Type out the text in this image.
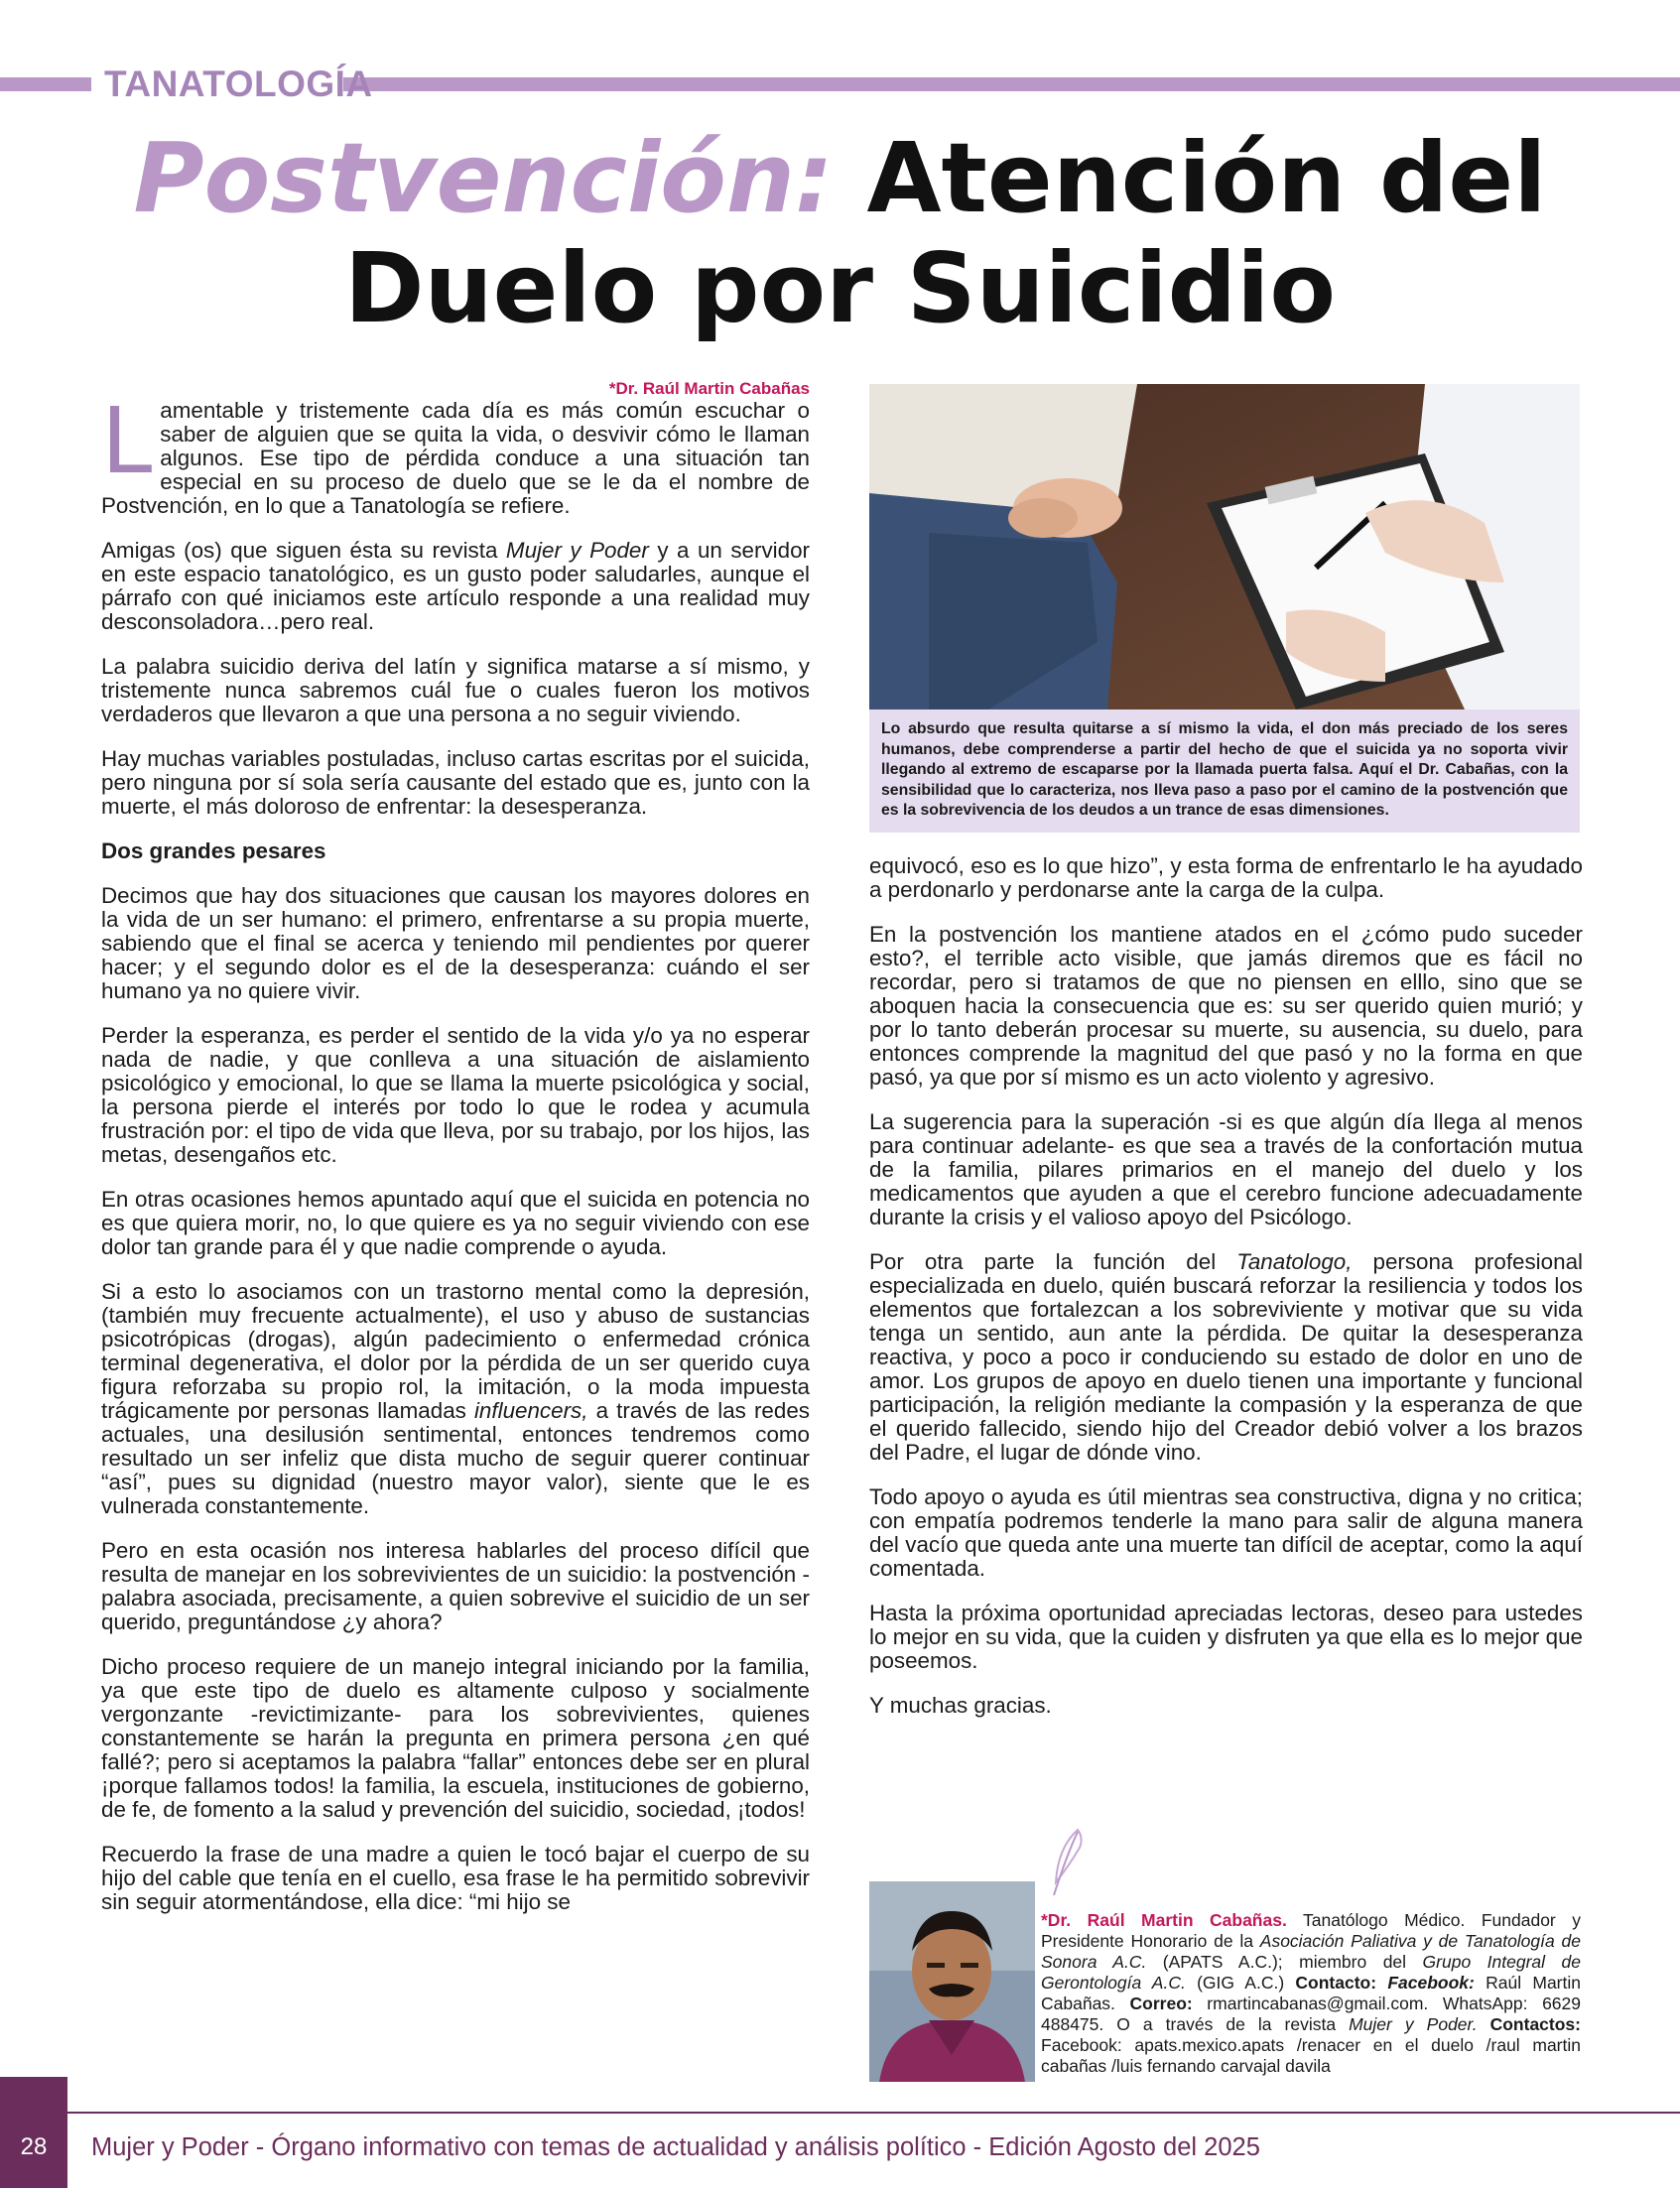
TANATOLOGÍA
Postvención: Atención del
Duelo por Suicidio
*Dr. Raúl Martin Cabañas

Lamentable y tristemente cada día es más común escuchar o saber de alguien que se quita la vida, o desvivir cómo le llaman algunos. Ese tipo de pérdida conduce a una situación tan especial en su proceso de duelo que se le da el nombre de Postvención, en lo que a Tanatología se refiere.

Amigas (os) que siguen ésta su revista Mujer y Poder y a un servidor en este espacio tanatológico, es un gusto poder saludarles, aunque el párrafo con qué iniciamos este artículo responde a una realidad muy desconsoladora…pero real.

La palabra suicidio deriva del latín y significa matarse a sí mismo, y tristemente nunca sabremos cuál fue o cuales fueron los motivos verdaderos que llevaron a que una persona a no seguir viviendo.

Hay muchas variables postuladas, incluso cartas escritas por el suicida, pero ninguna por sí sola sería causante del estado que es, junto con la muerte, el más doloroso de enfrentar: la desesperanza.

Dos grandes pesares

Decimos que hay dos situaciones que causan los mayores dolores en la vida de un ser humano: el primero, enfrentarse a su propia muerte, sabiendo que el final se acerca y teniendo mil pendientes por querer hacer; y el segundo dolor es el de la desesperanza: cuándo el ser humano ya no quiere vivir.

Perder la esperanza, es perder el sentido de la vida y/o ya no esperar nada de nadie, y que conlleva a una situación de aislamiento psicológico y emocional, lo que se llama la muerte psicológica y social, la persona pierde el interés por todo lo que le rodea y acumula frustración por: el tipo de vida que lleva, por su trabajo, por los hijos, las metas, desengaños etc.

En otras ocasiones hemos apuntado aquí que el suicida en potencia no es que quiera morir, no, lo que quiere es ya no seguir viviendo con ese dolor tan grande para él y que nadie comprende o ayuda.

Si a esto lo asociamos con un trastorno mental como la depresión, (también muy frecuente actualmente), el uso y abuso de sustancias psicotrópicas (drogas), algún padecimiento o enfermedad crónica terminal degenerativa, el dolor por la pérdida de un ser querido cuya figura reforzaba su propio rol, la imitación, o la moda impuesta trágicamente por personas llamadas influencers, a través de las redes actuales, una desilusión sentimental, entonces tendremos como resultado un ser infeliz que dista mucho de seguir querer continuar “así”, pues su dignidad (nuestro mayor valor), siente que le es vulnerada constantemente.

Pero en esta ocasión nos interesa hablarles del proceso difícil que resulta de manejar en los sobrevivientes de un suicidio: la postvención -palabra asociada, precisamente, a quien sobrevive el suicidio de un ser querido, preguntándose ¿y ahora?

Dicho proceso requiere de un manejo integral iniciando por la familia, ya que este tipo de duelo es altamente culposo y socialmente vergonzante -revictimizante- para los sobrevivientes, quienes constantemente se harán la pregunta en primera persona ¿en qué fallé?; pero si aceptamos la palabra “fallar” entonces debe ser en plural ¡porque fallamos todos! la familia, la escuela, instituciones de gobierno, de fe, de fomento a la salud y prevención del suicidio, sociedad, ¡todos!

Recuerdo la frase de una madre a quien le tocó bajar el cuerpo de su hijo del cable que tenía en el cuello, esa frase le ha permitido sobrevivir sin seguir atormentándose, ella dice: “mi hijo se

Lo absurdo que resulta quitarse a sí mismo la vida, el don más preciado de los seres humanos, debe comprenderse a partir del hecho de que el suicida ya no soporta vivir llegando al extremo de escaparse por la llamada puerta falsa. Aquí el Dr. Cabañas, con la sensibilidad que lo caracteriza, nos lleva paso a paso por el camino de la postvención que es la sobrevivencia de los deudos a un trance de esas dimensiones.

equivocó, eso es lo que hizo”, y esta forma de enfrentarlo le ha ayudado a perdonarlo y perdonarse ante la carga de la culpa.

En la postvención los mantiene atados en el ¿cómo pudo suceder esto?, el terrible acto visible, que jamás diremos que es fácil no recordar, pero si tratamos de que no piensen en elllo, sino que se aboquen hacia la consecuencia que es: su ser querido quien murió; y por lo tanto deberán procesar su muerte, su ausencia, su duelo, para entonces comprende la magnitud del que pasó y no la forma en que pasó, ya que por sí mismo es un acto violento y agresivo.

La sugerencia para la superación -si es que algún día llega al menos para continuar adelante- es que sea a través de la confortación mutua de la familia, pilares primarios en el manejo del duelo y los medicamentos que ayuden a que el cerebro funcione adecuadamente durante la crisis y el valioso apoyo del Psicólogo.

Por otra parte la función del Tanatologo, persona profesional especializada en duelo, quién buscará reforzar la resiliencia y todos los elementos que fortalezcan a los sobreviviente y motivar que su vida tenga un sentido, aun ante la pérdida. De quitar la desesperanza reactiva, y poco a poco ir conduciendo su estado de dolor en uno de amor. Los grupos de apoyo en duelo tienen una importante y funcional participación, la religión mediante la compasión y la esperanza de que el querido fallecido, siendo hijo del Creador debió volver a los brazos del Padre, el lugar de dónde vino.

Todo apoyo o ayuda es útil mientras sea constructiva, digna y no critica; con empatía podremos tenderle la mano para salir de alguna manera del vacío que queda ante una muerte tan difícil de aceptar, como la aquí comentada.

Hasta la próxima oportunidad apreciadas lectoras, deseo para ustedes lo mejor en su vida, que la cuiden y disfruten ya que ella es lo mejor que poseemos.

Y muchas gracias.

*Dr. Raúl Martin Cabañas. Tanatólogo Médico. Fundador y Presidente Honorario de la Asociación Paliativa y de Tanatología de Sonora A.C. (APATS A.C.); miembro del Grupo Integral de Gerontología A.C. (GIG A.C.) Contacto: Facebook: Raúl Martin Cabañas. Correo: rmartincabanas@gmail.com. WhatsApp: 6629 488475. O a través de la revista Mujer y Poder. Contactos: Facebook: apats.mexico.apats /renacer en el duelo /raul martin cabañas /luis fernando carvajal davila
28	Mujer y Poder - Órgano informativo con temas de actualidad y análisis político - Edición Agosto del 2025
